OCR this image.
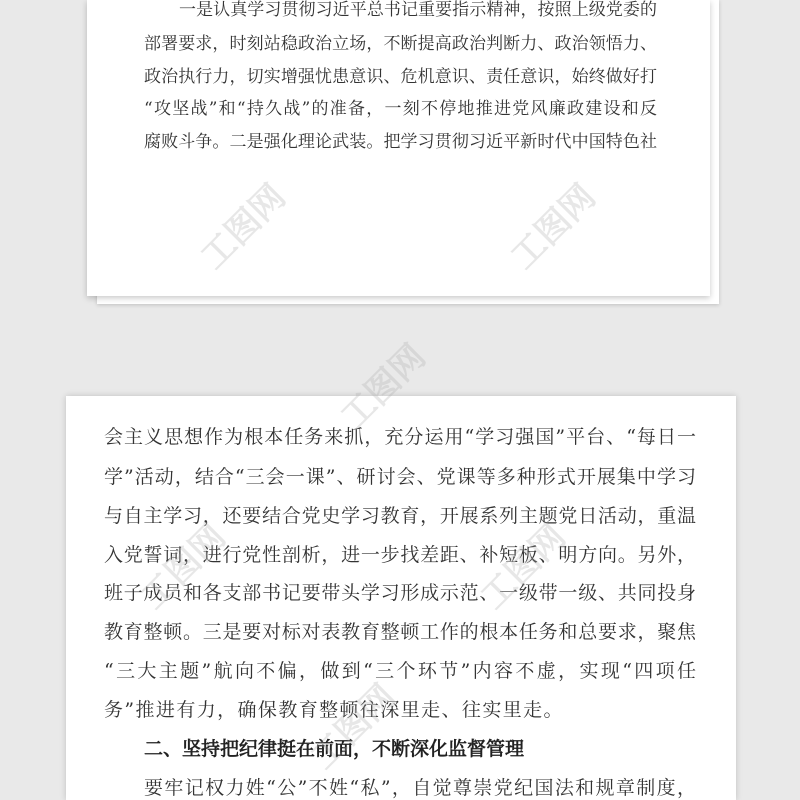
一是认真学习贯彻习近平总书记重要指示精神，按照上级党委的
部署要求，时刻站稳政治立场，不断提高政治判断力、政治领悟力、
政治执行力，切实增强忧患意识、危机意识、责任意识，始终做好打
“攻坚战”和“持久战”的准备，一刻不停地推进党风廉政建设和反
腐败斗争。二是强化理论武装。把学习贯彻习近平新时代中国特色社
会主义思想作为根本任务来抓，充分运用“学习强国”平台、“每日一
学”活动，结合“三会一课”、研讨会、党课等多种形式开展集中学习
与自主学习，还要结合党史学习教育，开展系列主题党日活动，重温
入党誓词，进行党性剖析，进一步找差距、补短板、明方向。另外，
班子成员和各支部书记要带头学习形成示范、一级带一级、共同投身
教育整顿。三是要对标对表教育整顿工作的根本任务和总要求，聚焦
“三大主题”航向不偏，做到“三个环节”内容不虚，实现“四项任
务”推进有力，确保教育整顿往深里走、往实里走。
二、坚持把纪律挺在前面，不断深化监督管理
要牢记权力姓“公”不姓“私”，自觉尊崇党纪国法和规章制度，
工图网	工图网
工图网
工图网	工图网
工图网
